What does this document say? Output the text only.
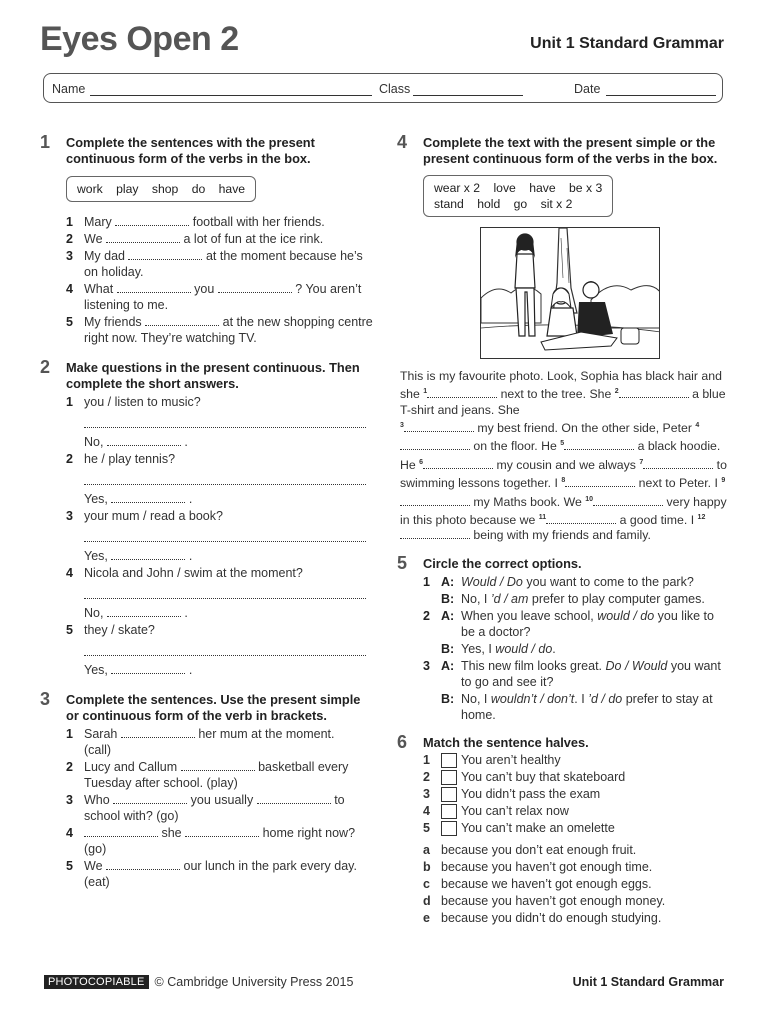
Eyes Open 2	Unit 1 Standard Grammar
Name	Class	Date
1 Complete the sentences with the present continuous form of the verbs in the box.
work play shop do have
1 Mary	football with her friends.
2 We	a lot of fun at the ice rink.
3 My dad	at the moment because he’s on holiday.
4 What	you	? You aren’t listening to me.
5 My friends	at the new shopping centre right now. They’re watching TV.
2 Make questions in the present continuous. Then complete the short answers.
1 you / listen to music?
No,	.
2 he / play tennis?
Yes,	.
3 your mum / read a book?
Yes,	.
4 Nicola and John / swim at the moment?
No,	.
5 they / skate?
Yes,	.
3 Complete the sentences. Use the present simple or continuous form of the verb in brackets.
1 Sarah	her mum at the moment.
(call)
2 Lucy and Callum	basketball every Tuesday after school. (play)
3 Who	you usually	to school with? (go)
4	she	home right now?
(go)
5 We	our lunch in the park every day.
(eat)
4 Complete the text with the present simple or the present continuous form of the verbs in the box.
wear x 2 love have be x 3
stand hold go sit x 2
This is my favourite photo. Look, Sophia has black hair and she $^1$	next to the tree. She $^2$	a blue T-shirt and jeans. She
$^3$	my best friend. On the other side, Peter $^4$ on the floor. He $^5$	a black hoodie. He $^6$	my cousin and we always $^7$	to swimming lessons together. I $^8$	next to Peter. I $^9$ my Maths book. We $^{10}$	very happy in this photo because we $^{11}$	a good time. I $^{12}$ being with my friends and family.
5 Circle the correct options.
1 A: Would / Do you want to come to the park?
B: No, I ’d / am prefer to play computer games.
2 A: When you leave school, would / do you like to be a doctor?
B: Yes, I would / do.
3 A: This new film looks great. Do / Would you want to go and see it?
B: No, I wouldn’t / don’t. I ’d / do prefer to stay at home.
6 Match the sentence halves.
1 You aren’t healthy
2 You can’t buy that skateboard
3 You didn’t pass the exam
4 You can’t relax now
5 You can’t make an omelette
a because you don’t eat enough fruit.
b because you haven’t got enough time.
c because we haven’t got enough eggs.
d because you haven’t got enough money.
e because you didn’t do enough studying.
PHOTOCOPIABLE © Cambridge University Press 2015	Unit 1 Standard Grammar
